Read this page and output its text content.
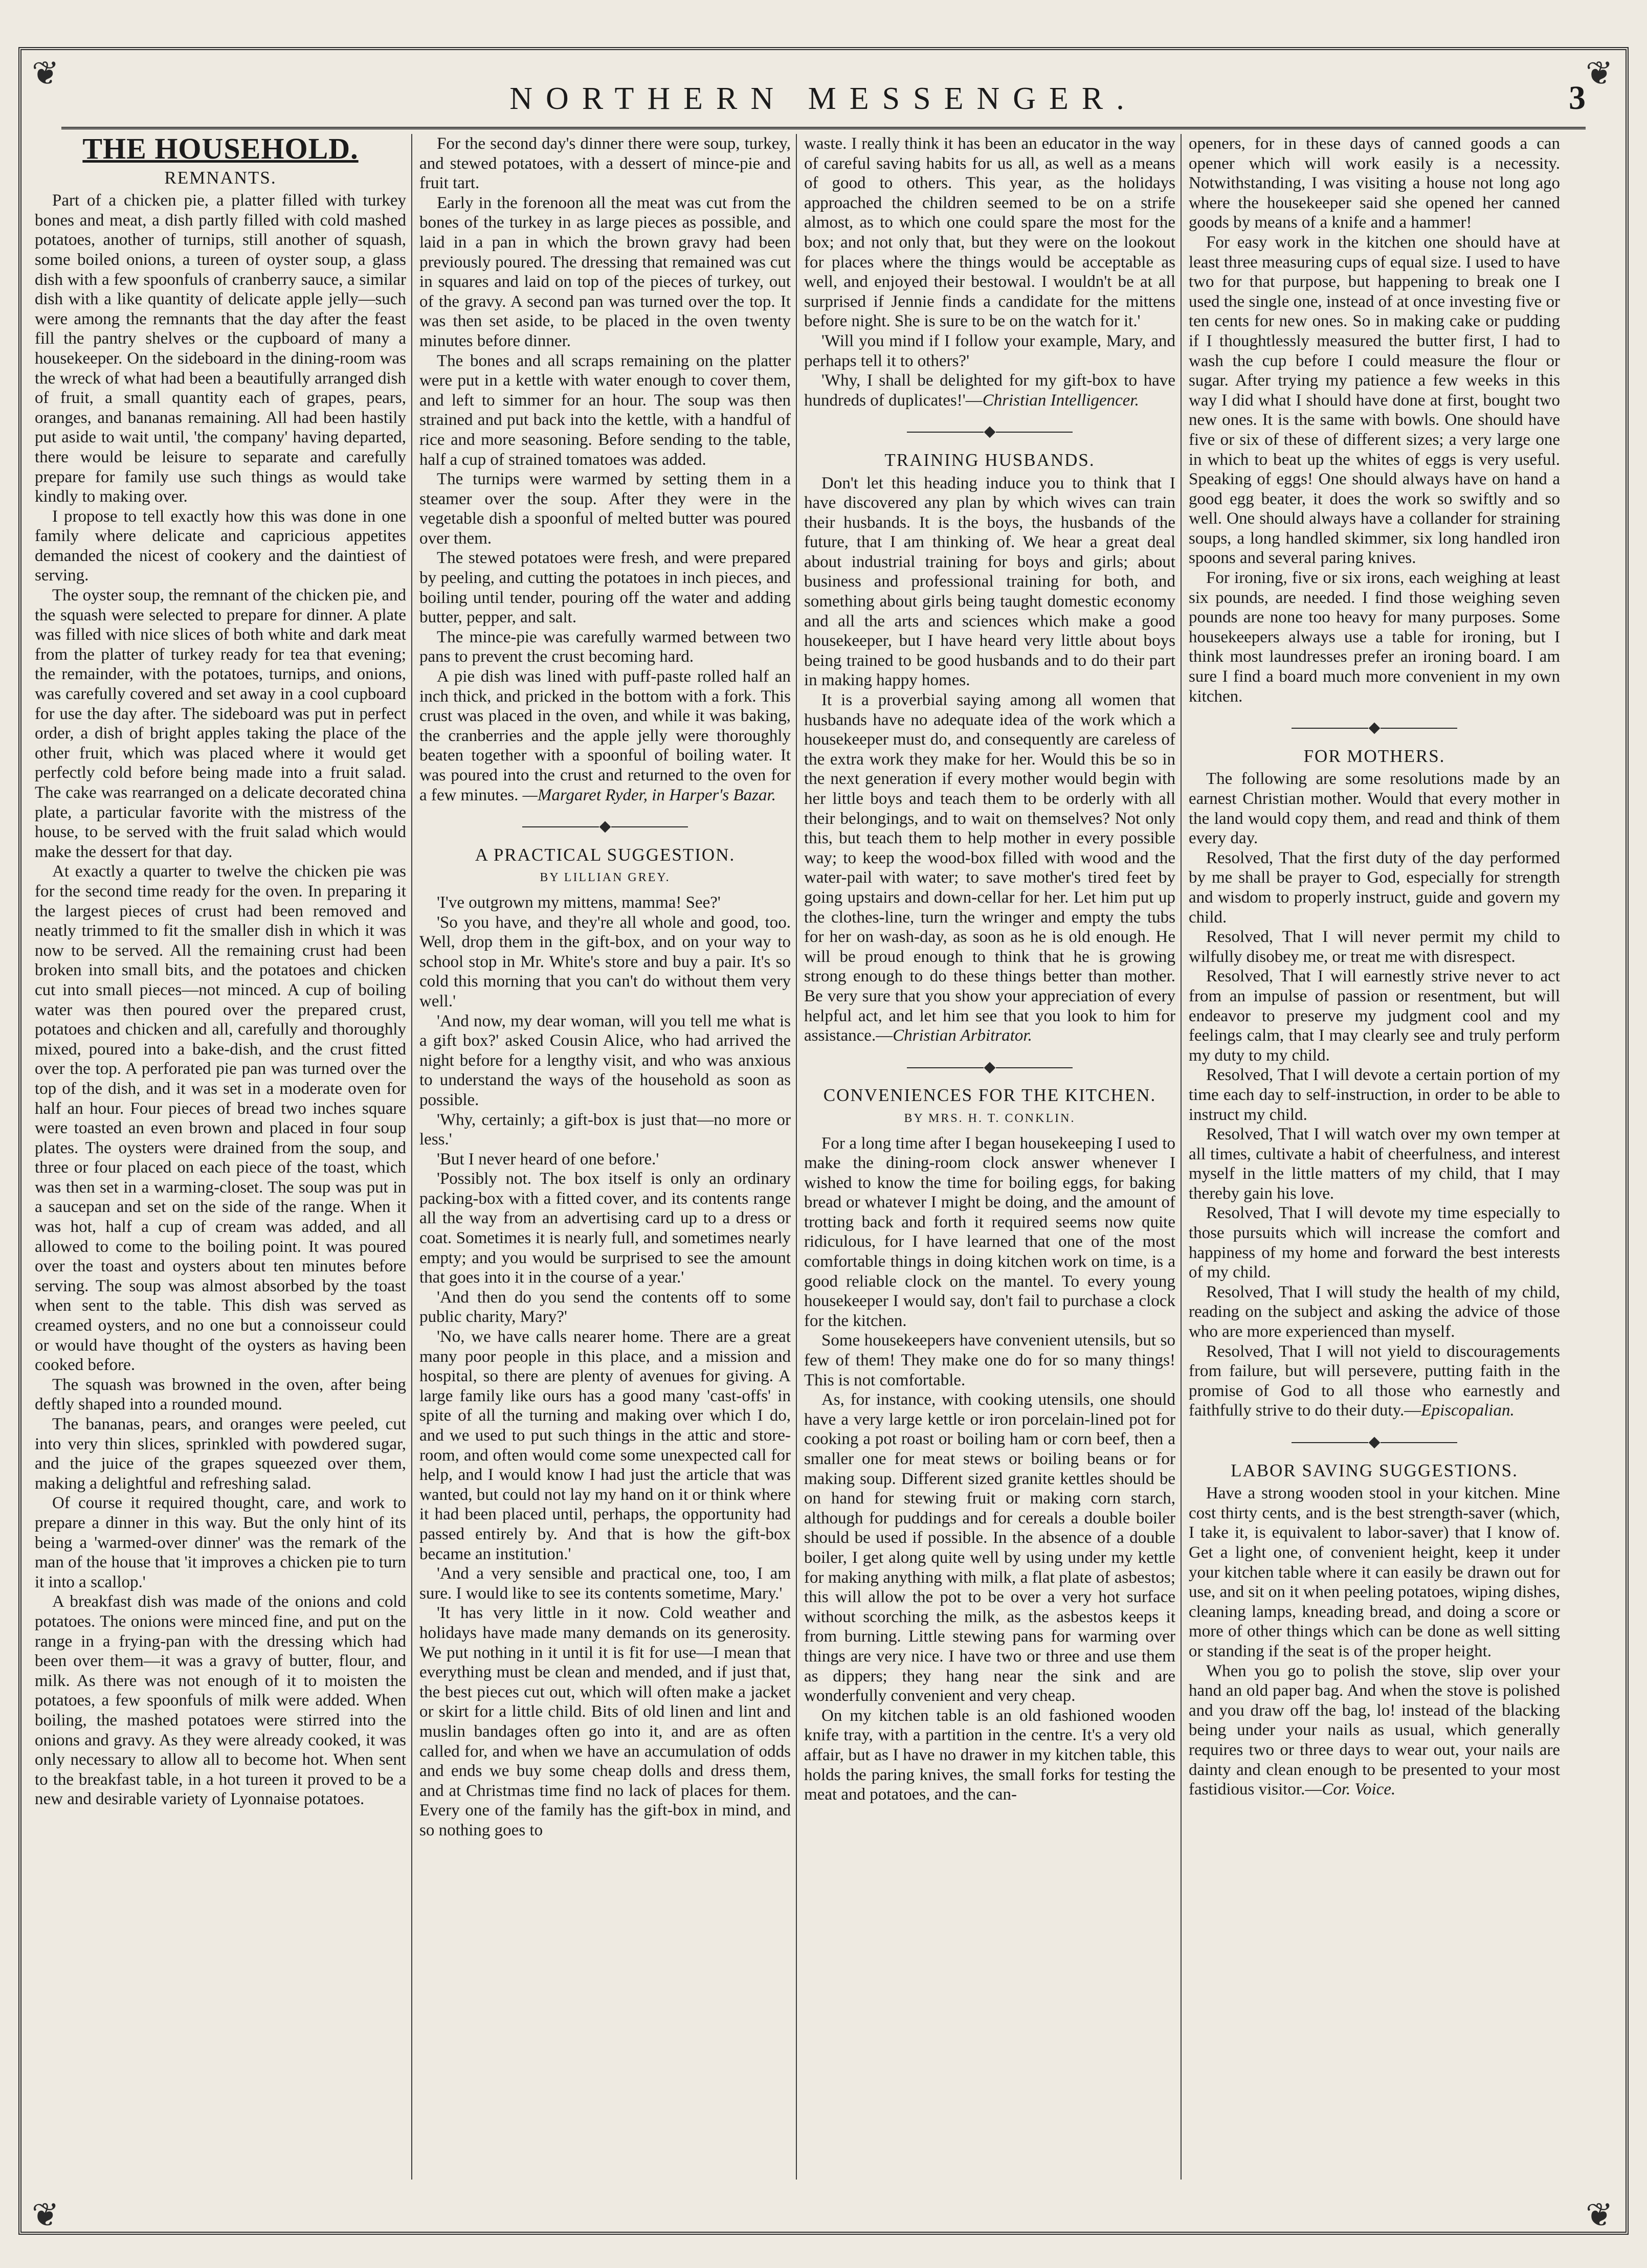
❦	❦
❦	❦
NORTHERN MESSENGER.	3
THE HOUSEHOLD.
REMNANTS.

Part of a chicken pie, a platter filled with turkey bones and meat, a dish partly filled with cold mashed potatoes, another of turnips, still another of squash, some boiled onions, a tureen of oyster soup, a glass dish with a few spoonfuls of cranberry sauce, a similar dish with a like quantity of delicate apple jelly—such were among the remnants that the day after the feast fill the pantry shelves or the cupboard of many a housekeeper. On the sideboard in the dining-room was the wreck of what had been a beautifully arranged dish of fruit, a small quantity each of grapes, pears, oranges, and bananas remaining. All had been hastily put aside to wait until, 'the company' having departed, there would be leisure to separate and carefully prepare for family use such things as would take kindly to making over.

I propose to tell exactly how this was done in one family where delicate and capricious appetites demanded the nicest of cookery and the daintiest of serving.

The oyster soup, the remnant of the chicken pie, and the squash were selected to prepare for dinner. A plate was filled with nice slices of both white and dark meat from the platter of turkey ready for tea that evening; the remainder, with the potatoes, turnips, and onions, was carefully covered and set away in a cool cupboard for use the day after. The sideboard was put in perfect order, a dish of bright apples taking the place of the other fruit, which was placed where it would get perfectly cold before being made into a fruit salad. The cake was rearranged on a delicate decorated china plate, a particular favorite with the mistress of the house, to be served with the fruit salad which would make the dessert for that day.

At exactly a quarter to twelve the chicken pie was for the second time ready for the oven. In preparing it the largest pieces of crust had been removed and neatly trimmed to fit the smaller dish in which it was now to be served. All the remaining crust had been broken into small bits, and the potatoes and chicken cut into small pieces—not minced. A cup of boiling water was then poured over the prepared crust, potatoes and chicken and all, carefully and thoroughly mixed, poured into a bake-dish, and the crust fitted over the top. A perforated pie pan was turned over the top of the dish, and it was set in a moderate oven for half an hour. Four pieces of bread two inches square were toasted an even brown and placed in four soup plates. The oysters were drained from the soup, and three or four placed on each piece of the toast, which was then set in a warming-closet. The soup was put in a saucepan and set on the side of the range. When it was hot, half a cup of cream was added, and all allowed to come to the boiling point. It was poured over the toast and oysters about ten minutes before serving. The soup was almost absorbed by the toast when sent to the table. This dish was served as creamed oysters, and no one but a connoisseur could or would have thought of the oysters as having been cooked before.

The squash was browned in the oven, after being deftly shaped into a rounded mound.

The bananas, pears, and oranges were peeled, cut into very thin slices, sprinkled with powdered sugar, and the juice of the grapes squeezed over them, making a delightful and refreshing salad.

Of course it required thought, care, and work to prepare a dinner in this way. But the only hint of its being a 'warmed-over dinner' was the remark of the man of the house that 'it improves a chicken pie to turn it into a scallop.'

A breakfast dish was made of the onions and cold potatoes. The onions were minced fine, and put on the range in a frying-pan with the dressing which had been over them—it was a gravy of butter, flour, and milk. As there was not enough of it to moisten the potatoes, a few spoonfuls of milk were added. When boiling, the mashed potatoes were stirred into the onions and gravy. As they were already cooked, it was only necessary to allow all to become hot. When sent to the breakfast table, in a hot tureen it proved to be a new and desirable variety of Lyonnaise potatoes.

For the second day's dinner there were soup, turkey, and stewed potatoes, with a dessert of mince-pie and fruit tart.

Early in the forenoon all the meat was cut from the bones of the turkey in as large pieces as possible, and laid in a pan in which the brown gravy had been previously poured. The dressing that remained was cut in squares and laid on top of the pieces of turkey, out of the gravy. A second pan was turned over the top. It was then set aside, to be placed in the oven twenty minutes before dinner.

The bones and all scraps remaining on the platter were put in a kettle with water enough to cover them, and left to simmer for an hour. The soup was then strained and put back into the kettle, with a handful of rice and more seasoning. Before sending to the table, half a cup of strained tomatoes was added.

The turnips were warmed by setting them in a steamer over the soup. After they were in the vegetable dish a spoonful of melted butter was poured over them.

The stewed potatoes were fresh, and were prepared by peeling, and cutting the potatoes in inch pieces, and boiling until tender, pouring off the water and adding butter, pepper, and salt.

The mince-pie was carefully warmed between two pans to prevent the crust becoming hard.

A pie dish was lined with puff-paste rolled half an inch thick, and pricked in the bottom with a fork. This crust was placed in the oven, and while it was baking, the cranberries and the apple jelly were thoroughly beaten together with a spoonful of boiling water. It was poured into the crust and returned to the oven for a few minutes. —Margaret Ryder, in Harper's Bazar.

A PRACTICAL SUGGESTION.
BY LILLIAN GREY.

'I've outgrown my mittens, mamma! See?'

'So you have, and they're all whole and good, too. Well, drop them in the gift-box, and on your way to school stop in Mr. White's store and buy a pair. It's so cold this morning that you can't do without them very well.'

'And now, my dear woman, will you tell me what is a gift box?' asked Cousin Alice, who had arrived the night before for a lengthy visit, and who was anxious to understand the ways of the household as soon as possible.

'Why, certainly; a gift-box is just that—no more or less.'

'But I never heard of one before.'

'Possibly not. The box itself is only an ordinary packing-box with a fitted cover, and its contents range all the way from an advertising card up to a dress or coat. Sometimes it is nearly full, and sometimes nearly empty; and you would be surprised to see the amount that goes into it in the course of a year.'

'And then do you send the contents off to some public charity, Mary?'

'No, we have calls nearer home. There are a great many poor people in this place, and a mission and hospital, so there are plenty of avenues for giving. A large family like ours has a good many 'cast-offs' in spite of all the turning and making over which I do, and we used to put such things in the attic and store-room, and often would come some unexpected call for help, and I would know I had just the article that was wanted, but could not lay my hand on it or think where it had been placed until, perhaps, the opportunity had passed entirely by. And that is how the gift-box became an institution.'

'And a very sensible and practical one, too, I am sure. I would like to see its contents sometime, Mary.'

'It has very little in it now. Cold weather and holidays have made many demands on its generosity. We put nothing in it until it is fit for use—I mean that everything must be clean and mended, and if just that, the best pieces cut out, which will often make a jacket or skirt for a little child. Bits of old linen and lint and muslin bandages often go into it, and are as often called for, and when we have an accumulation of odds and ends we buy some cheap dolls and dress them, and at Christmas time find no lack of places for them. Every one of the family has the gift-box in mind, and so nothing goes to

waste. I really think it has been an educator in the way of careful saving habits for us all, as well as a means of good to others. This year, as the holidays approached the children seemed to be on a strife almost, as to which one could spare the most for the box; and not only that, but they were on the lookout for places where the things would be acceptable as well, and enjoyed their bestowal. I wouldn't be at all surprised if Jennie finds a candidate for the mittens before night. She is sure to be on the watch for it.'

'Will you mind if I follow your example, Mary, and perhaps tell it to others?'

'Why, I shall be delighted for my gift-box to have hundreds of duplicates!'—Christian Intelligencer.

TRAINING HUSBANDS.

Don't let this heading induce you to think that I have discovered any plan by which wives can train their husbands. It is the boys, the husbands of the future, that I am thinking of. We hear a great deal about industrial training for boys and girls; about business and professional training for both, and something about girls being taught domestic economy and all the arts and sciences which make a good housekeeper, but I have heard very little about boys being trained to be good husbands and to do their part in making happy homes.

It is a proverbial saying among all women that husbands have no adequate idea of the work which a housekeeper must do, and consequently are careless of the extra work they make for her. Would this be so in the next generation if every mother would begin with her little boys and teach them to be orderly with all their belongings, and to wait on themselves? Not only this, but teach them to help mother in every possible way; to keep the wood-box filled with wood and the water-pail with water; to save mother's tired feet by going upstairs and down-cellar for her. Let him put up the clothes-line, turn the wringer and empty the tubs for her on wash-day, as soon as he is old enough. He will be proud enough to think that he is growing strong enough to do these things better than mother. Be very sure that you show your appreciation of every helpful act, and let him see that you look to him for assistance.—Christian Arbitrator.

CONVENIENCES FOR THE KITCHEN.
BY MRS. H. T. CONKLIN.

For a long time after I began housekeeping I used to make the dining-room clock answer whenever I wished to know the time for boiling eggs, for baking bread or whatever I might be doing, and the amount of trotting back and forth it required seems now quite ridiculous, for I have learned that one of the most comfortable things in doing kitchen work on time, is a good reliable clock on the mantel. To every young housekeeper I would say, don't fail to purchase a clock for the kitchen.

Some housekeepers have convenient utensils, but so few of them! They make one do for so many things! This is not comfortable.

As, for instance, with cooking utensils, one should have a very large kettle or iron porcelain-lined pot for cooking a pot roast or boiling ham or corn beef, then a smaller one for meat stews or boiling beans or for making soup. Different sized granite kettles should be on hand for stewing fruit or making corn starch, although for puddings and for cereals a double boiler should be used if possible. In the absence of a double boiler, I get along quite well by using under my kettle for making anything with milk, a flat plate of asbestos; this will allow the pot to be over a very hot surface without scorching the milk, as the asbestos keeps it from burning. Little stewing pans for warming over things are very nice. I have two or three and use them as dippers; they hang near the sink and are wonderfully convenient and very cheap.

On my kitchen table is an old fashioned wooden knife tray, with a partition in the centre. It's a very old affair, but as I have no drawer in my kitchen table, this holds the paring knives, the small forks for testing the meat and potatoes, and the can-

openers, for in these days of canned goods a can opener which will work easily is a necessity. Notwithstanding, I was visiting a house not long ago where the housekeeper said she opened her canned goods by means of a knife and a hammer!

For easy work in the kitchen one should have at least three measuring cups of equal size. I used to have two for that purpose, but happening to break one I used the single one, instead of at once investing five or ten cents for new ones. So in making cake or pudding if I thoughtlessly measured the butter first, I had to wash the cup before I could measure the flour or sugar. After trying my patience a few weeks in this way I did what I should have done at first, bought two new ones. It is the same with bowls. One should have five or six of these of different sizes; a very large one in which to beat up the whites of eggs is very useful. Speaking of eggs! One should always have on hand a good egg beater, it does the work so swiftly and so well. One should always have a collander for straining soups, a long handled skimmer, six long handled iron spoons and several paring knives.

For ironing, five or six irons, each weighing at least six pounds, are needed. I find those weighing seven pounds are none too heavy for many purposes. Some housekeepers always use a table for ironing, but I think most laundresses prefer an ironing board. I am sure I find a board much more convenient in my own kitchen.

FOR MOTHERS.

The following are some resolutions made by an earnest Christian mother. Would that every mother in the land would copy them, and read and think of them every day.

Resolved, That the first duty of the day performed by me shall be prayer to God, especially for strength and wisdom to properly instruct, guide and govern my child.

Resolved, That I will never permit my child to wilfully disobey me, or treat me with disrespect.

Resolved, That I will earnestly strive never to act from an impulse of passion or resentment, but will endeavor to preserve my judgment cool and my feelings calm, that I may clearly see and truly perform my duty to my child.

Resolved, That I will devote a certain portion of my time each day to self-instruction, in order to be able to instruct my child.

Resolved, That I will watch over my own temper at all times, cultivate a habit of cheerfulness, and interest myself in the little matters of my child, that I may thereby gain his love.

Resolved, That I will devote my time especially to those pursuits which will increase the comfort and happiness of my home and forward the best interests of my child.

Resolved, That I will study the health of my child, reading on the subject and asking the advice of those who are more experienced than myself.

Resolved, That I will not yield to discouragements from failure, but will persevere, putting faith in the promise of God to all those who earnestly and faithfully strive to do their duty.—Episcopalian.

LABOR SAVING SUGGESTIONS.

Have a strong wooden stool in your kitchen. Mine cost thirty cents, and is the best strength-saver (which, I take it, is equivalent to labor-saver) that I know of. Get a light one, of convenient height, keep it under your kitchen table where it can easily be drawn out for use, and sit on it when peeling potatoes, wiping dishes, cleaning lamps, kneading bread, and doing a score or more of other things which can be done as well sitting or standing if the seat is of the proper height.

When you go to polish the stove, slip over your hand an old paper bag. And when the stove is polished and you draw off the bag, lo! instead of the blacking being under your nails as usual, which generally requires two or three days to wear out, your nails are dainty and clean enough to be presented to your most fastidious visitor.—Cor. Voice.
